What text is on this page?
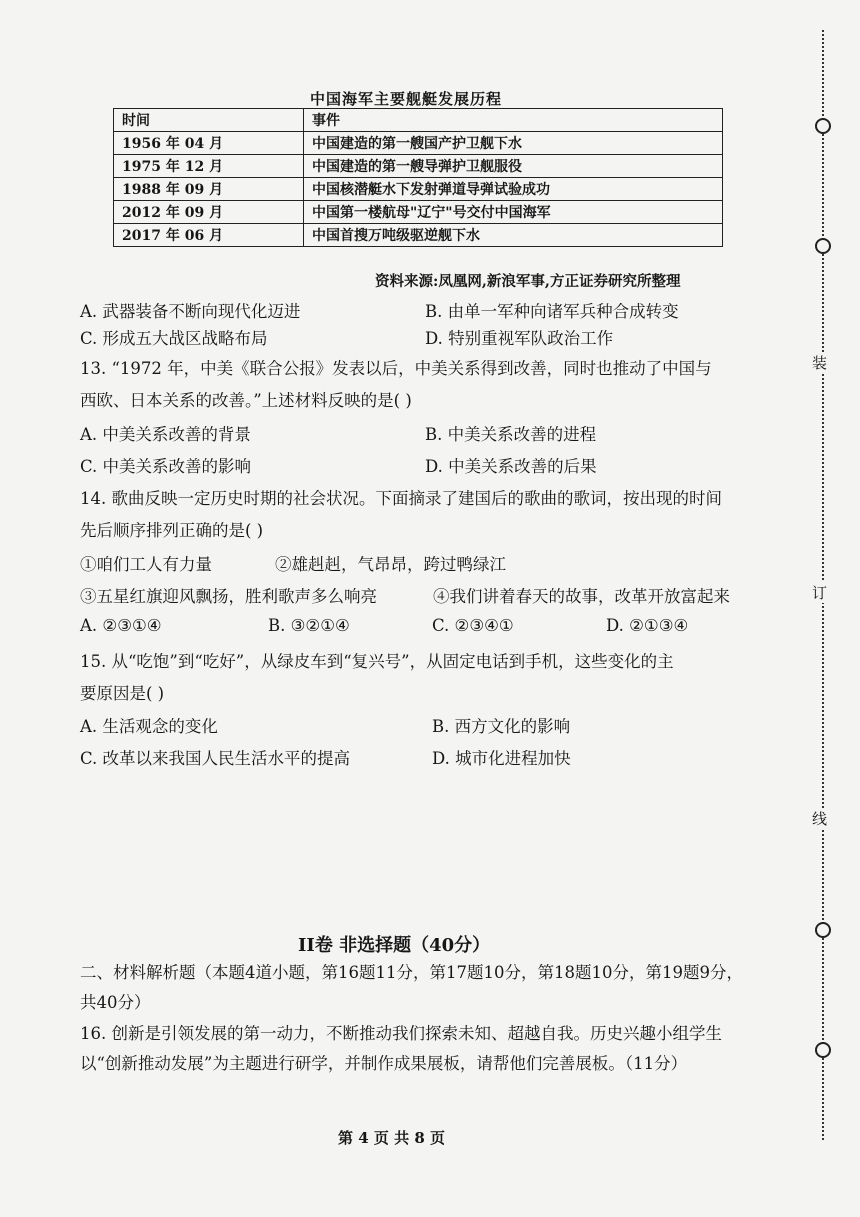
中国海军主要舰艇发展历程
时间	事件
1956 年 04 月	中国建造的第一艘国产护卫舰下水
1975 年 12 月	中国建造的第一艘导弹护卫舰服役
1988 年 09 月	中国核潜艇水下发射弹道导弹试验成功
2012 年 09 月	中国第一楼航母"辽宁"号交付中国海军
2017 年 06 月	中国首搜万吨级驱逆舰下水
资料来源:凤凰网,新浪军事,方正证券研究所整理
A. 武器装备不断向现代化迈进	B. 由单一军种向诸军兵种合成转变
C. 形成五大战区战略布局	D. 特别重视军队政治工作
13. “1972 年，中美《联合公报》发表以后，中美关系得到改善，同时也推动了中国与
西欧、日本关系的改善。”上述材料反映的是( )
A. 中美关系改善的背景	B. 中美关系改善的进程
C. 中美关系改善的影响	D. 中美关系改善的后果
14. 歌曲反映一定历史时期的社会状况。下面摘录了建国后的歌曲的歌词，按出现的时间
先后顺序排列正确的是( )
①咱们工人有力量	②雄赳赳，气昂昂，跨过鸭绿江
③五星红旗迎风飘扬，胜利歌声多么响亮	④我们讲着春天的故事，改革开放富起来
A. ②③①④	B. ③②①④	C. ②③④①	D. ②①③④
15. 从“吃饱”到“吃好”，从绿皮车到“复兴号”，从固定电话到手机，这些变化的主
要原因是( )
A. 生活观念的变化	B. 西方文化的影响
C. 改革以来我国人民生活水平的提高	D. 城市化进程加快
II卷 非选择题（40分）
二、材料解析题（本题4道小题，第16题11分，第17题10分，第18题10分，第19题9分，
共40分）
16. 创新是引领发展的第一动力，不断推动我们探索未知、超越自我。历史兴趣小组学生
以“创新推动发展”为主题进行研学，并制作成果展板，请帮他们完善展板。（11分）
装
订
线
第 4 页 共 8 页
